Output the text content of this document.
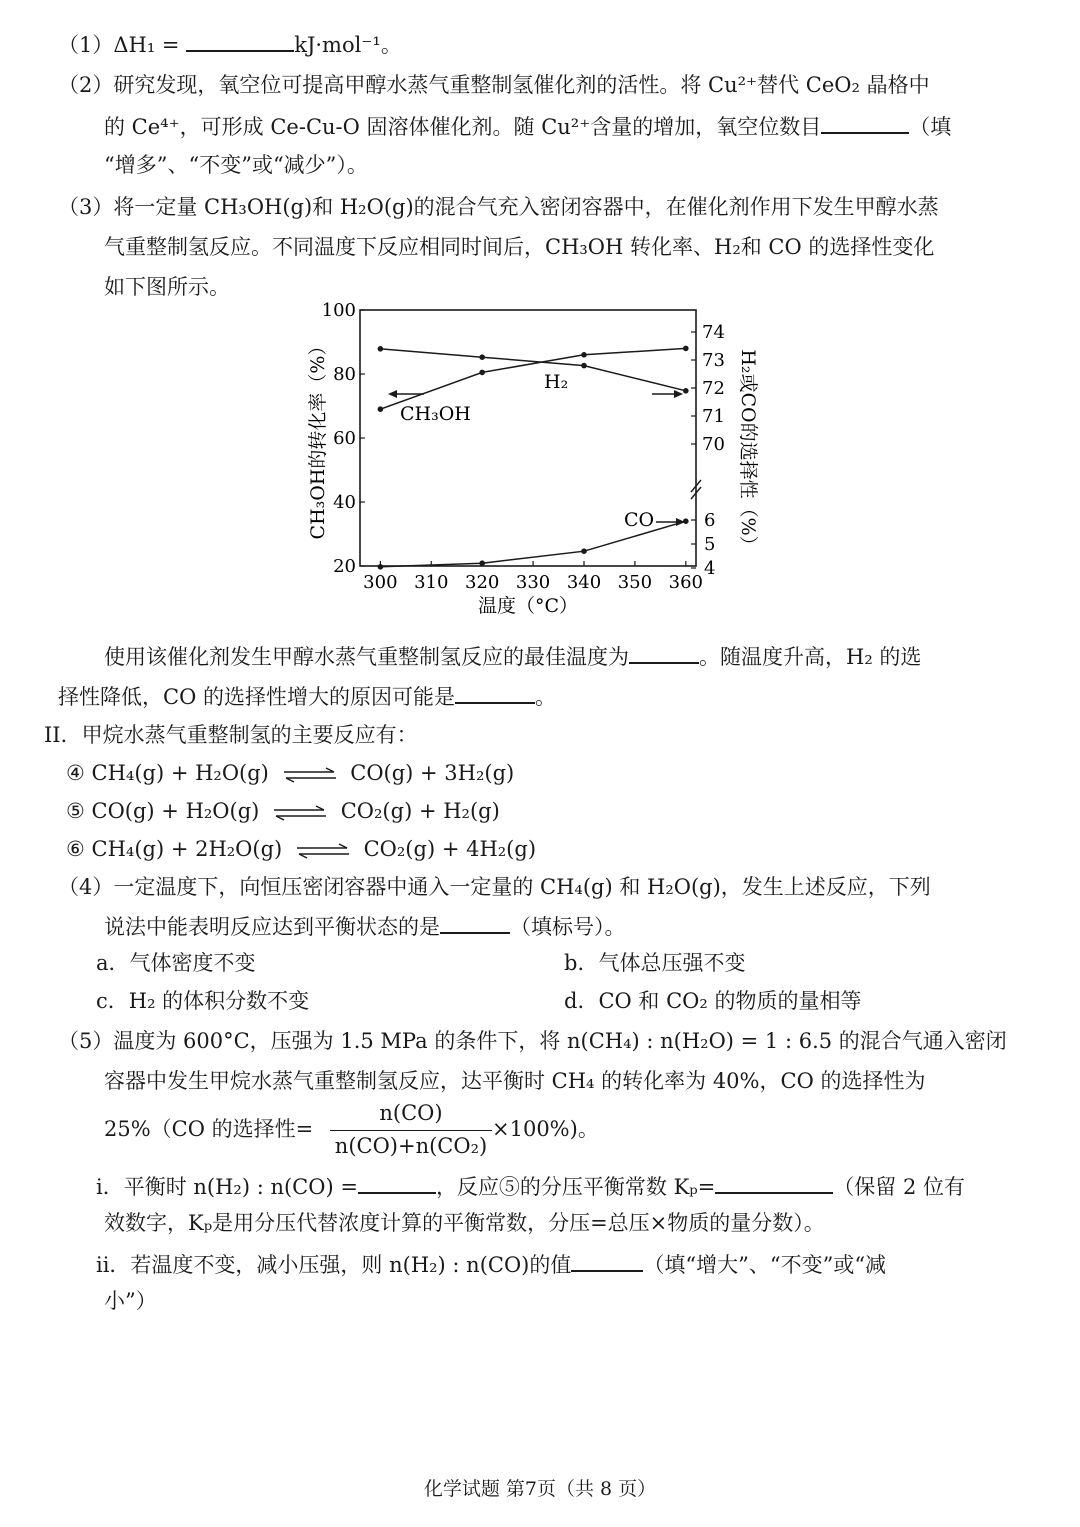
（1）ΔH₁ =	kJ·mol⁻¹。
（2）研究发现，氧空位可提高甲醇水蒸气重整制氢催化剂的活性。将 Cu²⁺替代 CeO₂ 晶格中
的 Ce⁴⁺，可形成 Ce-Cu-O 固溶体催化剂。随 Cu²⁺含量的增加，氧空位数目	（填
“增多”、“不变”或“减少”）。
（3）将一定量 CH₃OH(g)和 H₂O(g)的混合气充入密闭容器中，在催化剂作用下发生甲醇水蒸
气重整制氢反应。不同温度下反应相同时间后，CH₃OH 转化率、H₂和 CO 的选择性变化
如下图所示。
300 310 320 330 340 350 360
20
40
60
80
100
70
71
72
73
74
4
5
6
CH₃OH
H₂
CO
温度（°C）
CH₃OH的转化率（%）	H₂或CO的选择性（%）
使用该催化剂发生甲醇水蒸气重整制氢反应的最佳温度为	。随温度升高，H₂ 的选
择性降低，CO 的选择性增大的原因可能是	。
II．甲烷水蒸气重整制氢的主要反应有：
④ CH₄(g) + H₂O(g) ⇌ CO(g) + 3H₂(g)
⑤ CO(g) + H₂O(g) ⇌ CO₂(g) + H₂(g)
⑥ CH₄(g) + 2H₂O(g) ⇌ CO₂(g) + 4H₂(g)
（4）一定温度下，向恒压密闭容器中通入一定量的 CH₄(g) 和 H₂O(g)，发生上述反应，下列
说法中能表明反应达到平衡状态的是	（填标号）。
a．气体密度不变	b．气体总压强不变
c．H₂ 的体积分数不变	d．CO 和 CO₂ 的物质的量相等
（5）温度为 600°C，压强为 1.5 MPa 的条件下，将 n(CH₄) : n(H₂O) = 1 : 6.5 的混合气通入密闭
容器中发生甲烷水蒸气重整制氢反应，达平衡时 CH₄ 的转化率为 40%，CO 的选择性为
25%（CO 的选择性=
n(CO)
n(CO)+n(CO₂)
×100%)。
i．平衡时 n(H₂) : n(CO) =	，反应⑤的分压平衡常数 Kₚ=	（保留 2 位有
效数字，Kₚ是用分压代替浓度计算的平衡常数，分压=总压×物质的量分数）。
ii．若温度不变，减小压强，则 n(H₂) : n(CO)的值	（填“增大”、“不变”或“减
小”）
化学试题 第7页（共 8 页）
